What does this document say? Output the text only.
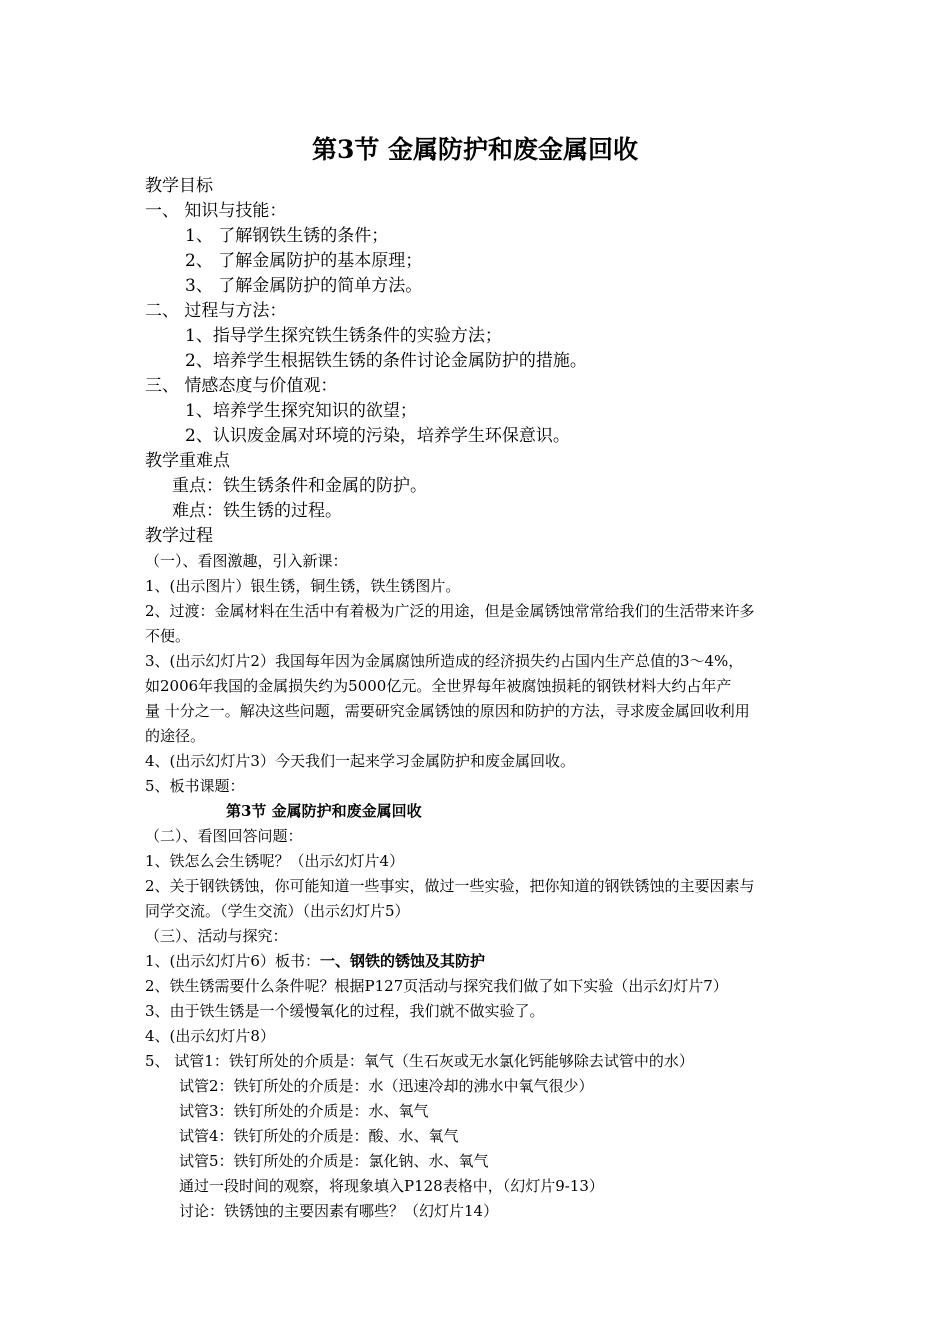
第3节 金属防护和废金属回收
教学目标
一、 知识与技能：
1、 了解钢铁生锈的条件；
2、 了解金属防护的基本原理；
3、 了解金属防护的简单方法。
二、 过程与方法：
1、指导学生探究铁生锈条件的实验方法；
2、培养学生根据铁生锈的条件讨论金属防护的措施。
三、 情感态度与价值观：
1、培养学生探究知识的欲望；
2、认识废金属对环境的污染，培养学生环保意识。
教学重难点
重点：铁生锈条件和金属的防护。
难点：铁生锈的过程。
教学过程
（一）、看图激趣，引入新课：
1、(出示图片）银生锈，铜生锈，铁生锈图片。
2、过渡：金属材料在生活中有着极为广泛的用途，但是金属锈蚀常常给我们的生活带来许多
不便。
3、(出示幻灯片2）我国每年因为金属腐蚀所造成的经济损失约占国内生产总值的3～4%，
如2006年我国的金属损失约为5000亿元。全世界每年被腐蚀损耗的钢铁材料大约占年产
量 十分之一。解决这些问题，需要研究金属锈蚀的原因和防护的方法，寻求废金属回收利用
的途径。
4、(出示幻灯片3）今天我们一起来学习金属防护和废金属回收。
5、板书课题：
第3节 金属防护和废金属回收
（二）、看图回答问题：
1、铁怎么会生锈呢？（出示幻灯片4）
2、关于钢铁锈蚀，你可能知道一些事实，做过一些实验，把你知道的钢铁锈蚀的主要因素与
同学交流。（学生交流）（出示幻灯片5）
（三）、活动与探究：
1、(出示幻灯片6）板书：一、钢铁的锈蚀及其防护
2、铁生锈需要什么条件呢？根据P127页活动与探究我们做了如下实验（出示幻灯片7）
3、由于铁生锈是一个缓慢氧化的过程，我们就不做实验了。
4、(出示幻灯片8）
5、 试管1：铁钉所处的介质是：氧气（生石灰或无水氯化钙能够除去试管中的水）
试管2：铁钉所处的介质是：水（迅速冷却的沸水中氧气很少）
试管3：铁钉所处的介质是：水、氧气
试管4：铁钉所处的介质是：酸、水、氧气
试管5：铁钉所处的介质是：氯化钠、水、氧气
通过一段时间的观察，将现象填入P128表格中，（幻灯片9-13）
讨论：铁锈蚀的主要因素有哪些？（幻灯片14）
